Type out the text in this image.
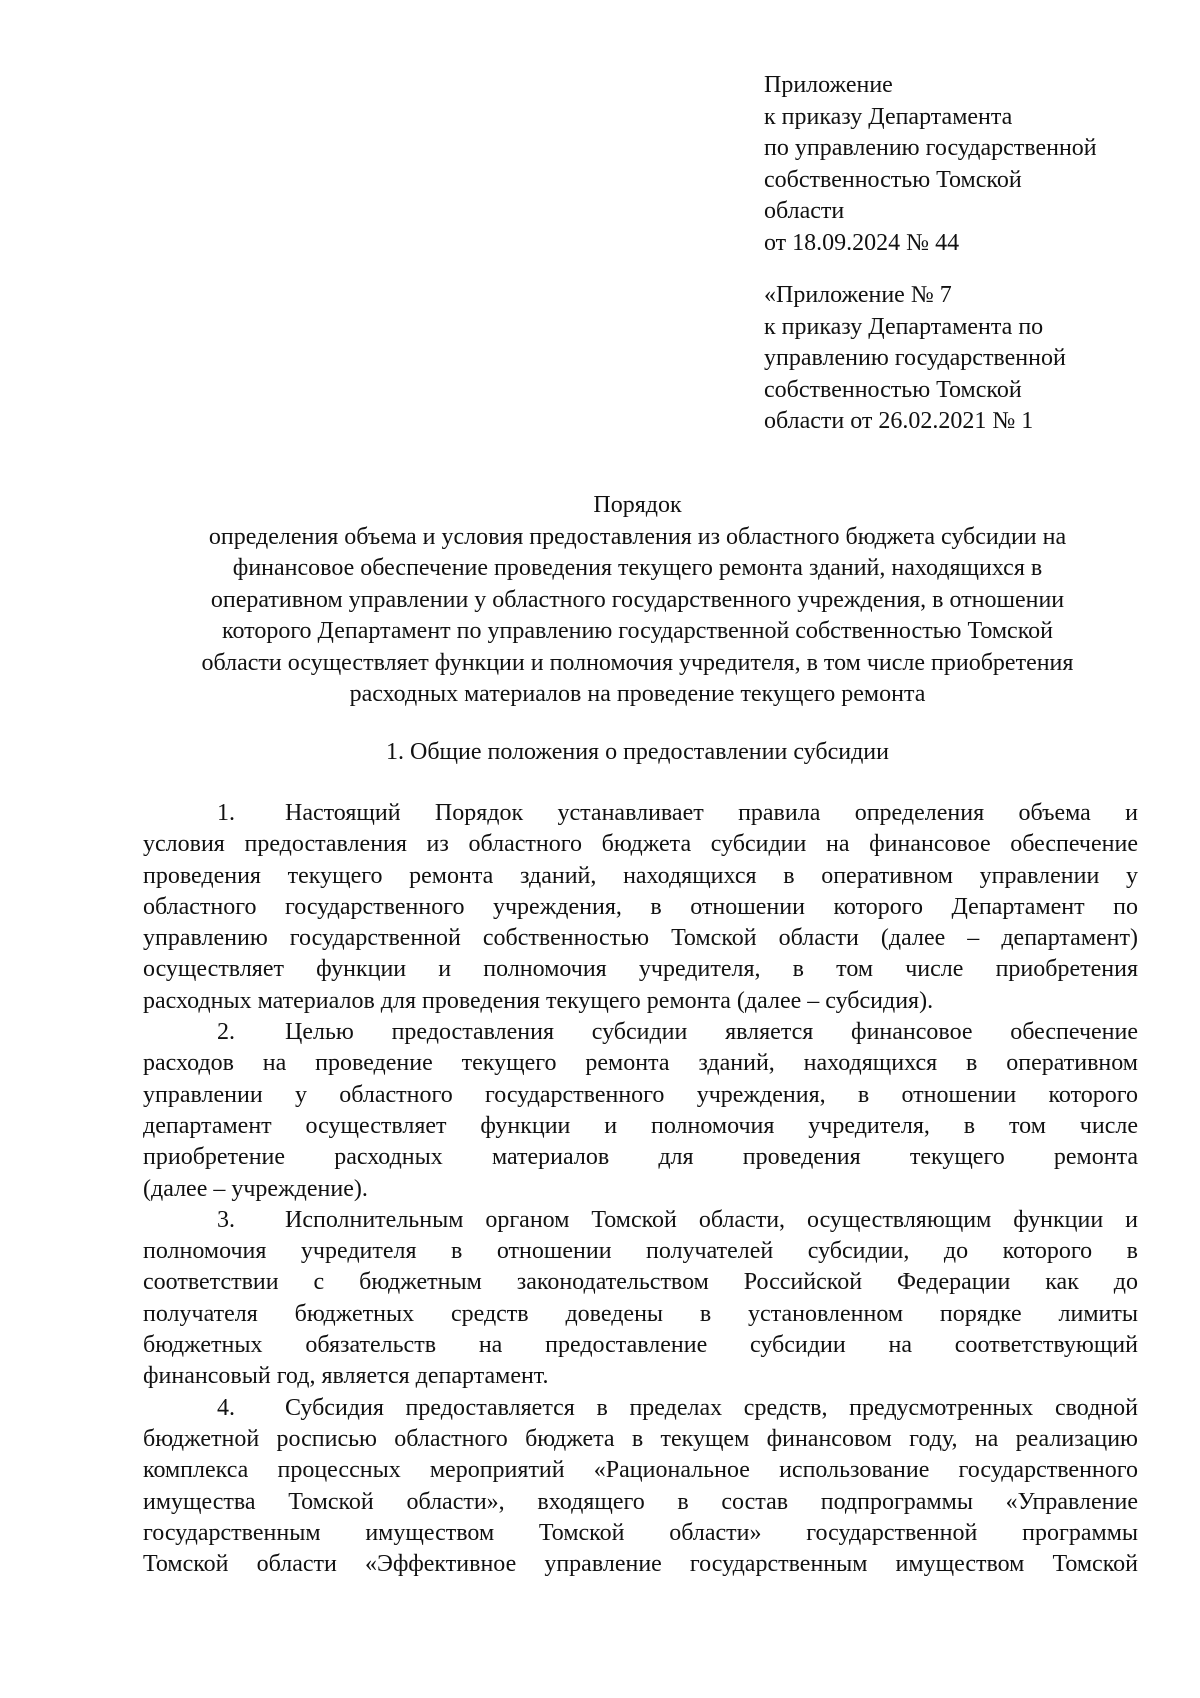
Приложение
к приказу Департамента
по управлению государственной
собственностью Томской
области
от 18.09.2024 № 44
«Приложение № 7
к приказу Департамента по
управлению государственной
собственностью Томской
области от 26.02.2021 № 1
Порядок
определения объема и условия предоставления из областного бюджета субсидии на
финансовое обеспечение проведения текущего ремонта зданий, находящихся в
оперативном управлении у областного государственного учреждения, в отношении
которого Департамент по управлению государственной собственностью Томской
области осуществляет функции и полномочия учредителя, в том числе приобретения
расходных материалов на проведение текущего ремонта
1. Общие положения о предоставлении субсидии
1. Настоящий Порядок устанавливает правила определения объема и
условия предоставления из областного бюджета субсидии на финансовое обеспечение
проведения текущего ремонта зданий, находящихся в оперативном управлении у
областного государственного учреждения, в отношении которого Департамент по
управлению государственной собственностью Томской области (далее – департамент)
осуществляет функции и полномочия учредителя, в том числе приобретения
расходных материалов для проведения текущего ремонта (далее – субсидия).
2. Целью предоставления субсидии является финансовое обеспечение
расходов на проведение текущего ремонта зданий, находящихся в оперативном
управлении у областного государственного учреждения, в отношении которого
департамент осуществляет функции и полномочия учредителя, в том числе
приобретение расходных материалов для проведения текущего ремонта
(далее – учреждение).
3. Исполнительным органом Томской области, осуществляющим функции и
полномочия учредителя в отношении получателей субсидии, до которого в
соответствии с бюджетным законодательством Российской Федерации как до
получателя бюджетных средств доведены в установленном порядке лимиты
бюджетных обязательств на предоставление субсидии на соответствующий
финансовый год, является департамент.
4. Субсидия предоставляется в пределах средств, предусмотренных сводной
бюджетной росписью областного бюджета в текущем финансовом году, на реализацию
комплекса процессных мероприятий «Рациональное использование государственного
имущества Томской области», входящего в состав подпрограммы «Управление
государственным имуществом Томской области» государственной программы
Томской области «Эффективное управление государственным имуществом Томской
